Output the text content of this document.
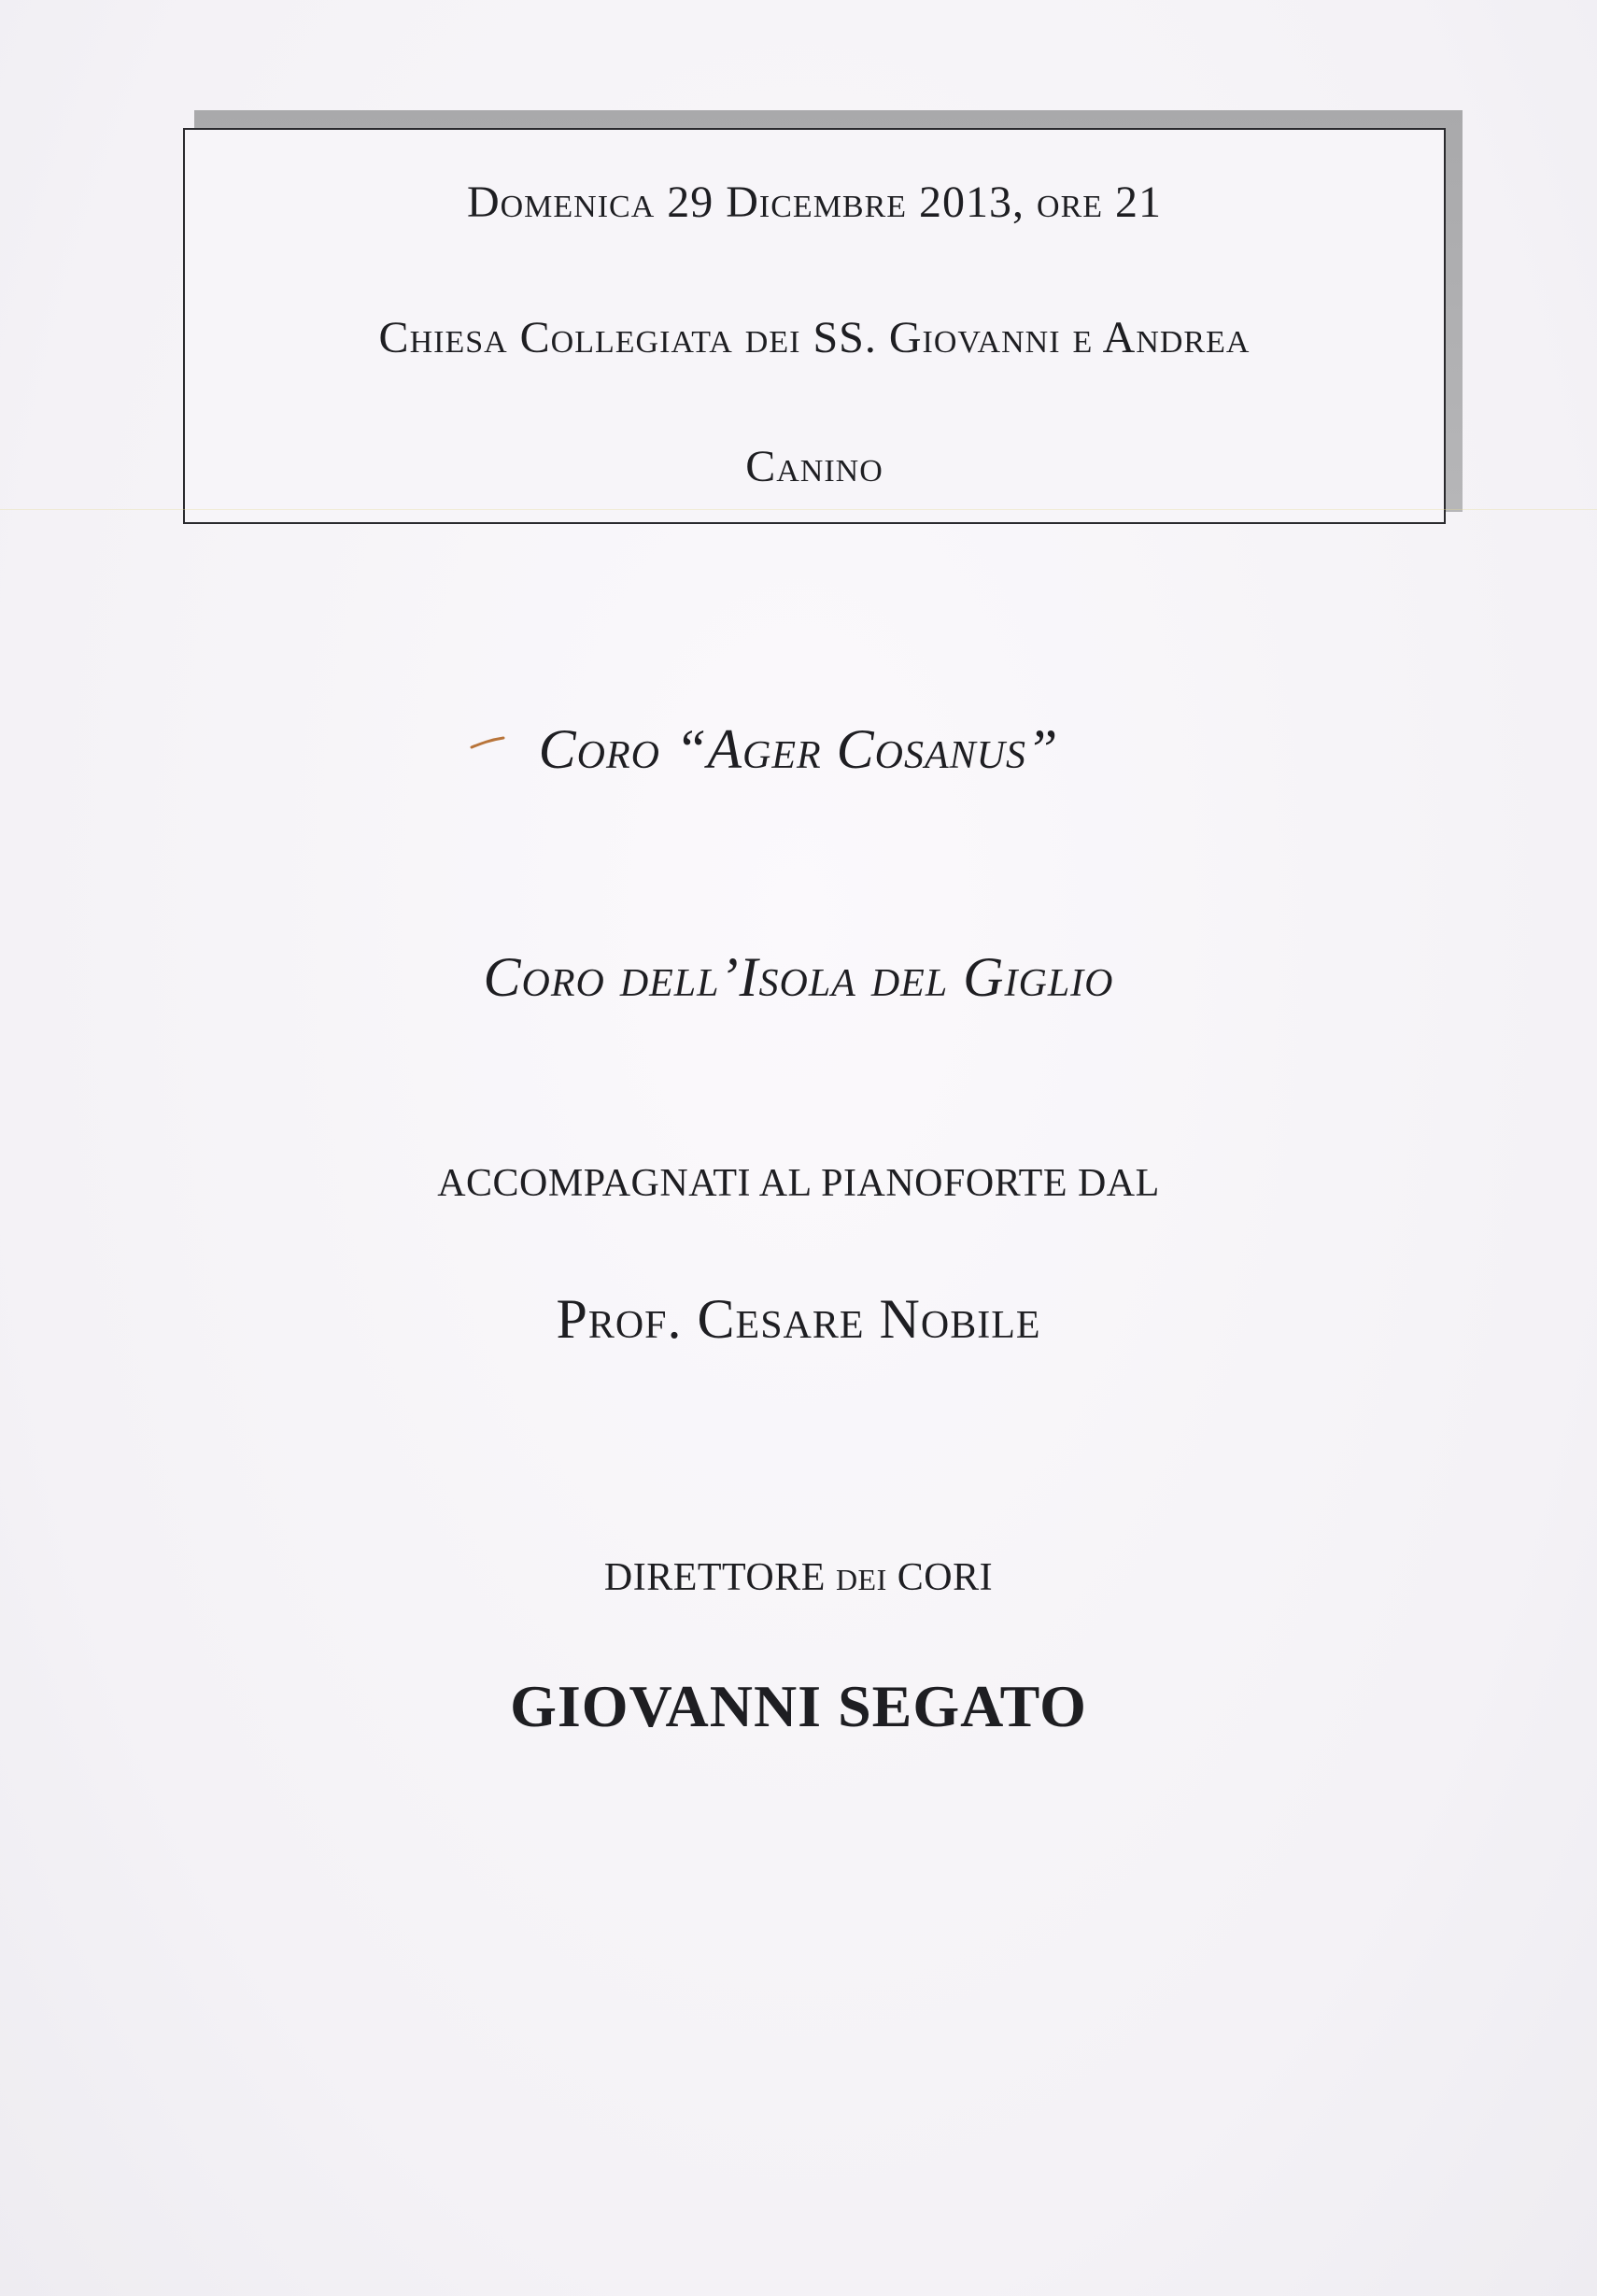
Domenica 29 Dicembre 2013, ore 21
Chiesa Collegiata dei SS. Giovanni e Andrea
Canino
Coro “Ager Cosanus”
Coro dell’Isola del Giglio
ACCOMPAGNATI AL PIANOFORTE DAL
Prof. Cesare Nobile
DIRETTORE DEI CORI
GIOVANNI SEGATO
